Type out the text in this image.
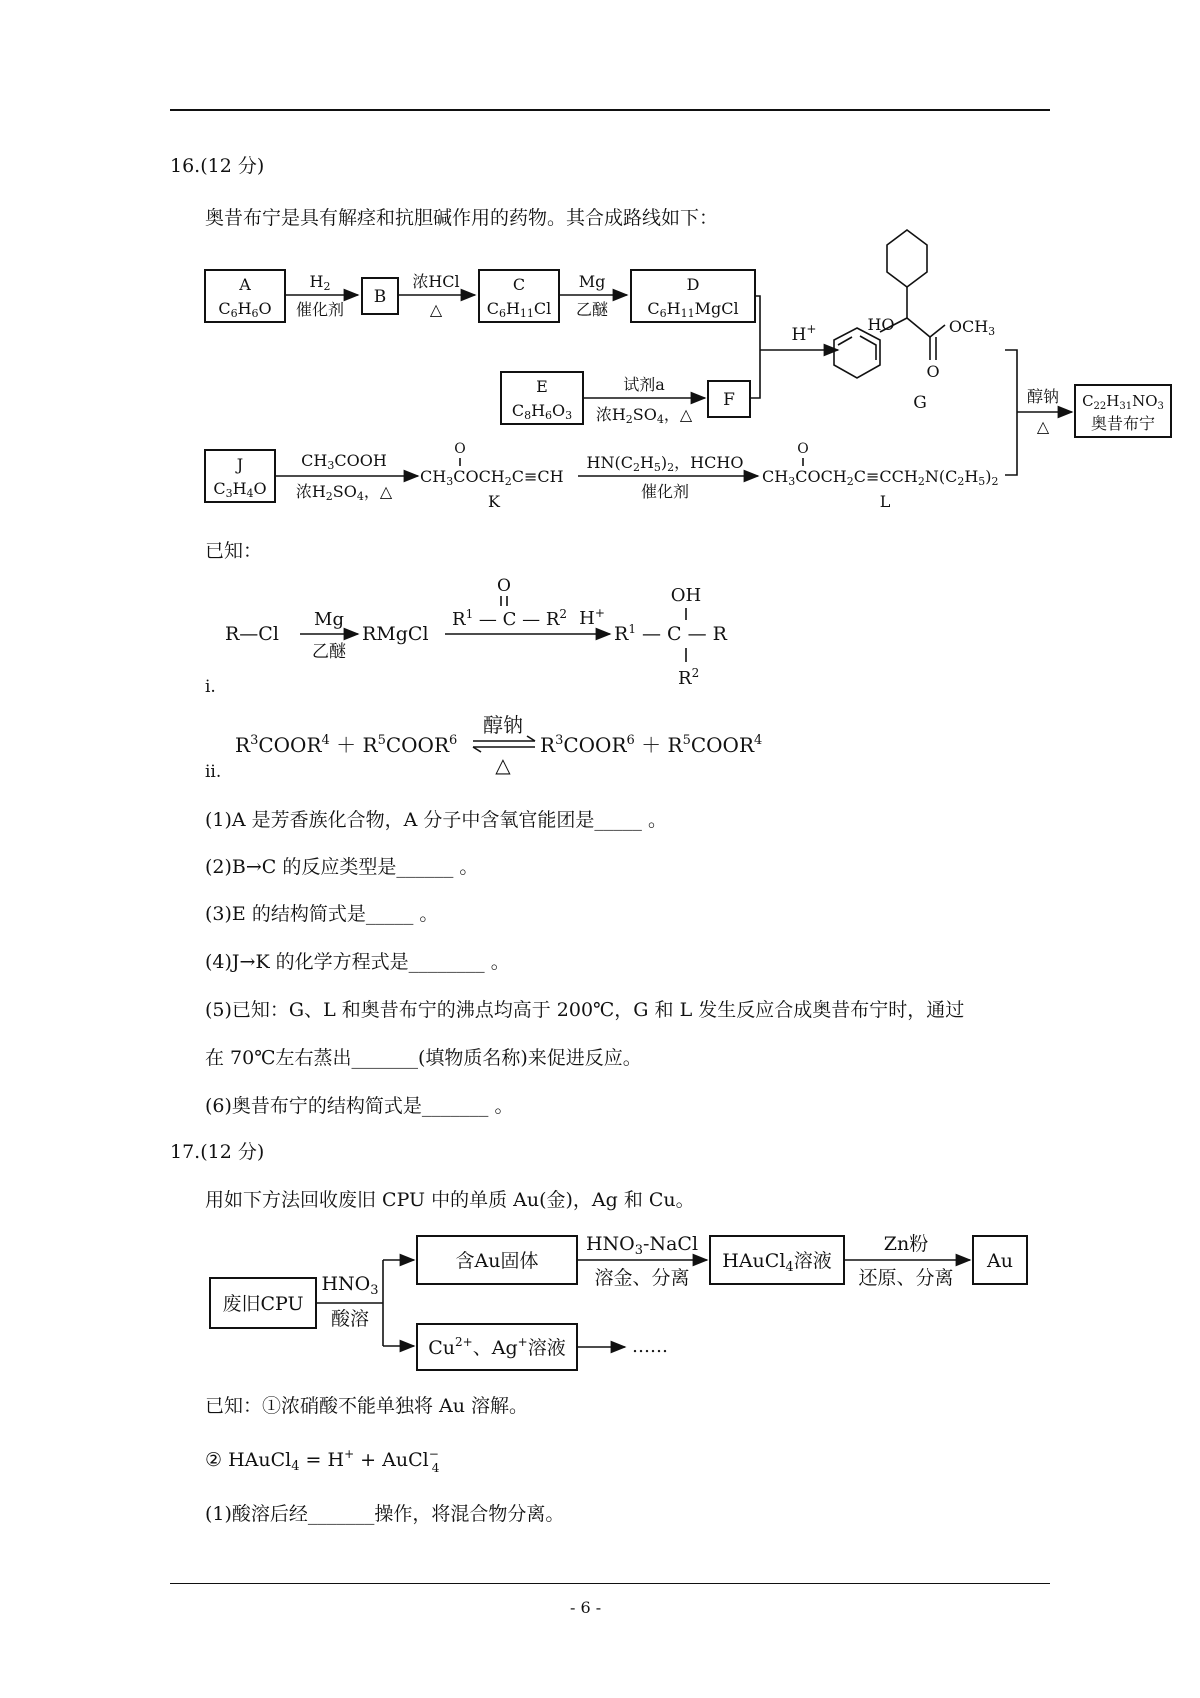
16.(12 分)
奥昔布宁是具有解痉和抗胆碱作用的药物。其合成路线如下：
A
C6H6O
H2
催化剂
B
浓HCl
△
C
C6H11Cl
Mg
乙醚
D
C6H11MgCl
H+
E
C8H6O3
试剂a
浓H2SO4，△
F
HO	OCH3
O
G	醇钠
△
$C_{22}H_{31}NO_3$
奥昔布宁
J
C3H4O
CH3COOH
浓H2SO4，△
O
CH3COCH2C≡CH
K
HN(C2H5)2，HCHO
催化剂
O
CH3COCH2C≡CCH2N(C2H5)2
L
已知：
R—Cl
Mg
乙醚
RMgCl
O
$R^1$ — C — $R^2$ H+
OH
$R^1$ — C — R
$R^2$
i.
$R^3COOR^4$ ＋ $R^5COOR^6$
醇钠
△
$R^3COOR^6$ ＋ $R^5COOR^4$
ii.
(1)A 是芳香族化合物，A 分子中含氧官能团是_____ 。
(2)B→C 的反应类型是______ 。
(3)E 的结构简式是_____ 。
(4)J→K 的化学方程式是________ 。
(5)已知：G、L 和奥昔布宁的沸点均高于 200℃，G 和 L 发生反应合成奥昔布宁时，通过
在 70℃左右蒸出_______(填物质名称)来促进反应。
(6)奥昔布宁的结构简式是_______ 。
17.(12 分)
用如下方法回收废旧 CPU 中的单质 Au(金)，Ag 和 Cu。
废旧CPU
$HNO_3$
酸溶
含Au固体
$HNO_3$-NaCl
溶金、分离
HAuCl$_4$溶液
Zn粉
还原、分离
Au
$Cu^{2+}$、Ag+溶液	……
已知：①浓硝酸不能单独将 Au 溶解。
② HAuCl$_4$ = H+ + AuCl− 4
(1)酸溶后经_______操作，将混合物分离。
- 6 -
